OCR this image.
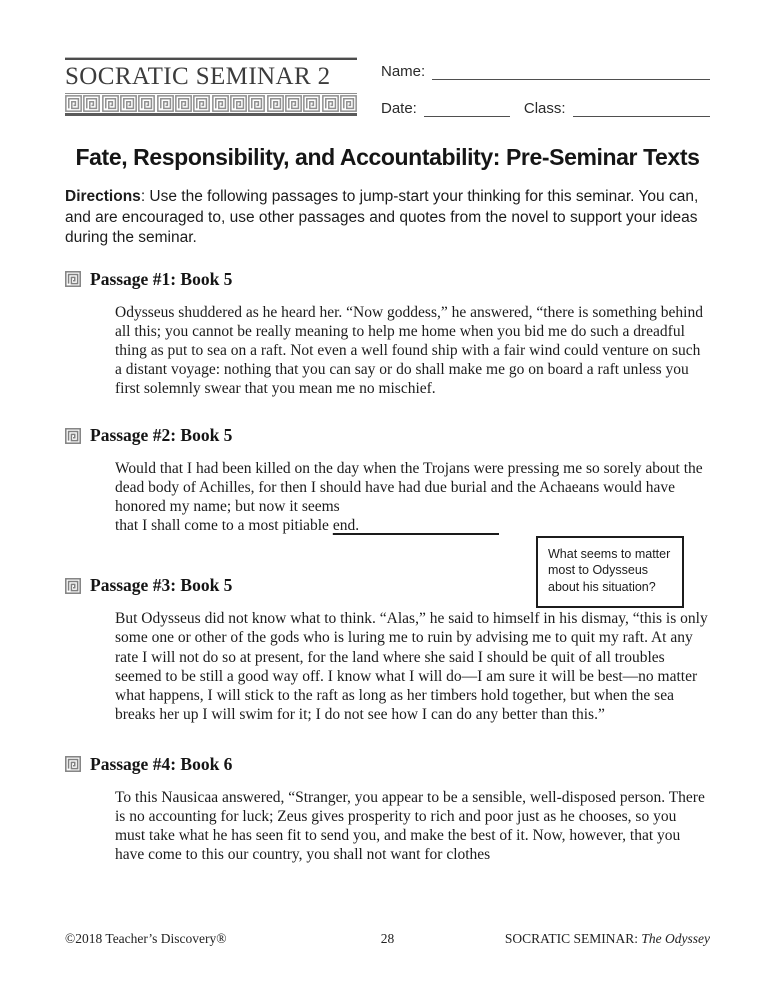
SOCRATIC SEMINAR 2	Name:
Date:	Class:
Fate, Responsibility, and Accountability: Pre-Seminar Texts

Directions: Use the following passages to jump-start your thinking for this seminar. You can, and are encouraged to, use other passages and quotes from the novel to support your ideas during the seminar.

Passage #1: Book 5

Odysseus shuddered as he heard her. “Now goddess,” he answered, “there is something behind all this; you cannot be really meaning to help me home when you bid me do such a dreadful thing as put to sea on a raft. Not even a well found ship with a fair wind could venture on such a distant voyage: nothing that you can say or do shall make me go on board a raft unless you first solemnly swear that you mean me no mischief.

Passage #2: Book 5

Would that I had been killed on the day when the Trojans were pressing me so sorely about the dead body of Achilles, for then I should have had due burial and the Achaeans would have honored my name; but now it seems
that I shall come to a most pitiable end.

What seems to matter most to Odysseus about his situation?
Passage #3: Book 5

But Odysseus did not know what to think. “Alas,” he said to himself in his dismay, “this is only some one or other of the gods who is luring me to ruin by advising me to quit my raft. At any rate I will not do so at present, for the land where she said I should be quit of all troubles seemed to be still a good way off. I know what I will do—I am sure it will be best—no matter what happens, I will stick to the raft as long as her timbers hold together, but when the sea breaks her up I will swim for it; I do not see how I can do any better than this.”

Passage #4: Book 6

To this Nausicaa answered, “Stranger, you appear to be a sensible, well-disposed person. There is no accounting for luck; Zeus gives prosperity to rich and poor just as he chooses, so you must take what he has seen fit to send you, and make the best of it. Now, however, that you have come to this our country, you shall not want for clothes

©2018 Teacher’s Discovery®	28	SOCRATIC SEMINAR: The Odyssey
